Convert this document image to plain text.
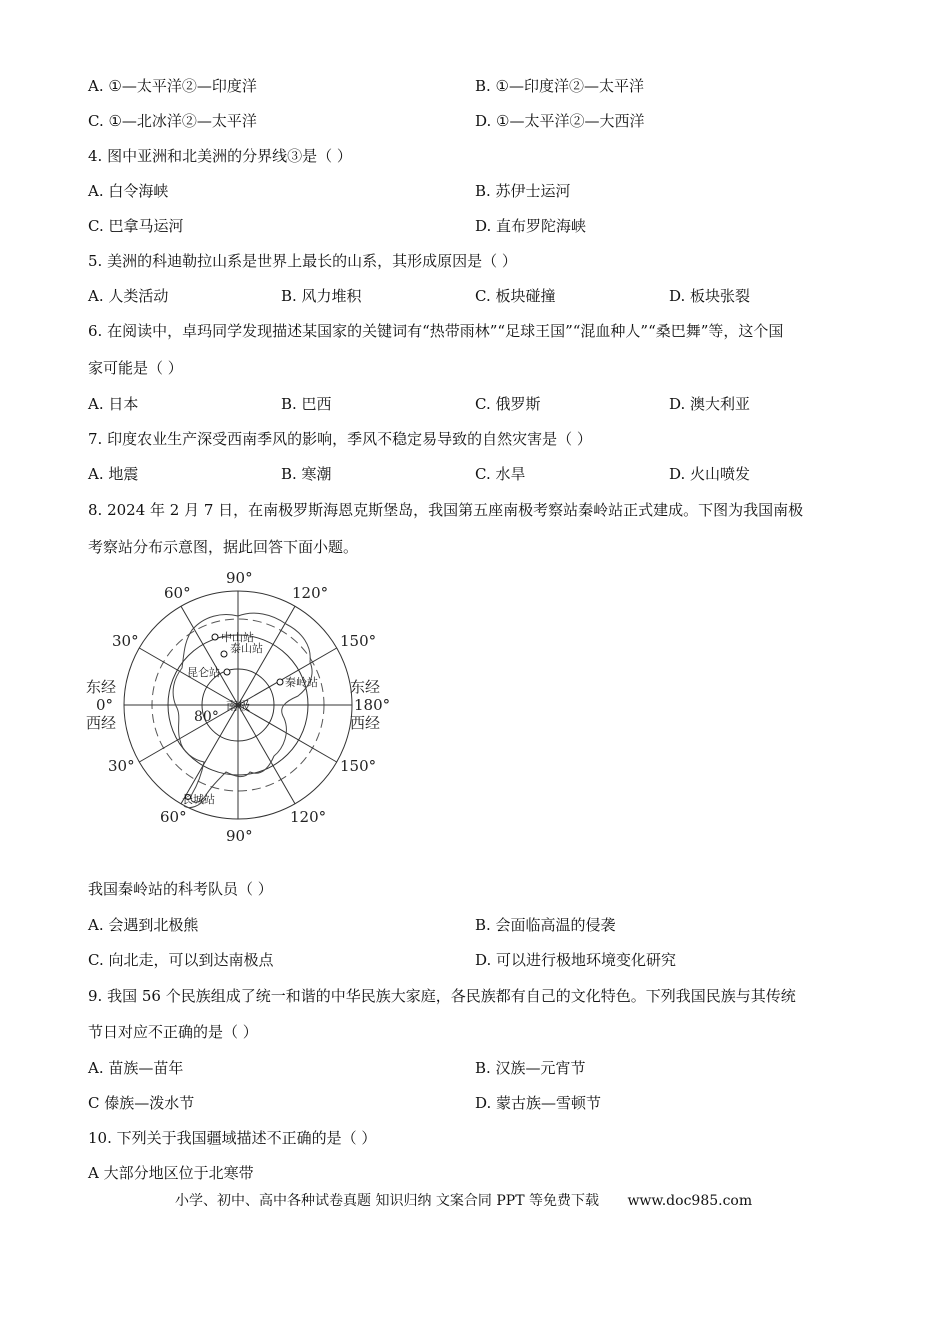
A. ①—太平洋②—印度洋	B. ①—印度洋②—太平洋
C. ①—北冰洋②—太平洋	D. ①—太平洋②—大西洋
4. 图中亚洲和北美洲的分界线③是（ ）
A. 白令海峡	B. 苏伊士运河
C. 巴拿马运河	D. 直布罗陀海峡
5. 美洲的科迪勒拉山系是世界上最长的山系，其形成原因是（ ）
A. 人类活动	B. 风力堆积	C. 板块碰撞	D. 板块张裂
6. 在阅读中，卓玛同学发现描述某国家的关键词有“热带雨林”“足球王国”“混血种人”“桑巴舞”等，这个国
家可能是（ ）
A. 日本	B. 巴西	C. 俄罗斯	D. 澳大利亚
7. 印度农业生产深受西南季风的影响，季风不稳定易导致的自然灾害是（ ）
A. 地震	B. 寒潮	C. 水旱	D. 火山喷发
8. 2024 年 2 月 7 日，在南极罗斯海恩克斯堡岛，我国第五座南极考察站秦岭站正式建成。下图为我国南极
考察站分布示意图，据此回答下面小题。
中山站
泰山站
昆仑站
秦岭站
长城站
南极
80°
90°
120°
60°
30°	150°
东经
0°
西经
东经
180°
西经
30°	150°
60°	120°
90°
我国秦岭站的科考队员（ ）
A. 会遇到北极熊	B. 会面临高温的侵袭
C. 向北走，可以到达南极点	D. 可以进行极地环境变化研究
9. 我国 56 个民族组成了统一和谐的中华民族大家庭，各民族都有自己的文化特色。下列我国民族与其传统
节日对应不正确的是（ ）
A. 苗族—苗年	B. 汉族—元宵节
C 傣族—泼水节	D. 蒙古族—雪顿节
10. 下列关于我国疆域描述不正确的是（ ）
A 大部分地区位于北寒带
小学、初中、高中各种试卷真题 知识归纳 文案合同 PPT 等免费下载 www.doc985.com
